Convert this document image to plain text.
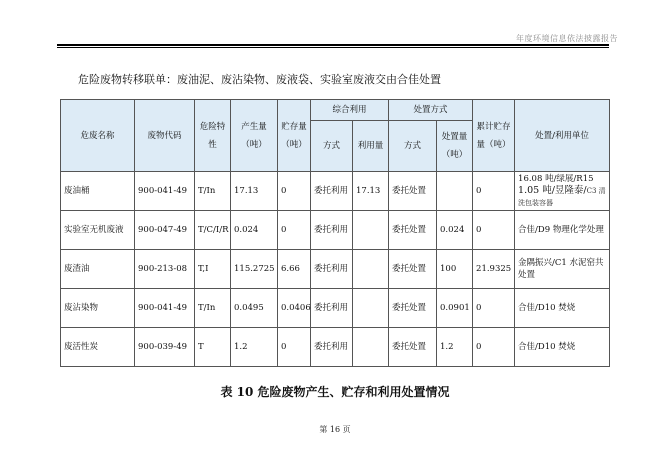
年度环境信息依法披露报告
危险废物转移联单：废油泥、废沾染物、废液袋、实验室废液交由合佳处置
危废名称	废物代码	危险特性	产生量（吨）	贮存量（吨）	综合利用		处置方式		累计贮存量（吨）	处置/利用单位
					方式	利用量	方式	处置量（吨）		
废油桶	900-041-49	T/In	17.13	0	委托利用	17.13	委托处置		0	16.08 吨/绿展/R15
1.05 吨/昱隆泰/C3 清洗包装容器

实验室无机废液	900-047-49	T/C/I/R	0.024	0	委托利用		委托处置	0.024	0	合佳/D9 物理化学处理
废渣油	900-213-08	T,I	115.2725	6.66	委托利用		委托处置	100	21.9325	金隅振兴/C1 水泥窑共处置
废沾染物	900-041-49	T/In	0.0495	0.0406	委托利用		委托处置	0.0901	0	合佳/D10 焚烧
废活性炭	900-039-49	T	1.2	0	委托利用		委托处置	1.2	0	合佳/D10 焚烧
表 10 危险废物产生、贮存和利用处置情况
第 16 页
